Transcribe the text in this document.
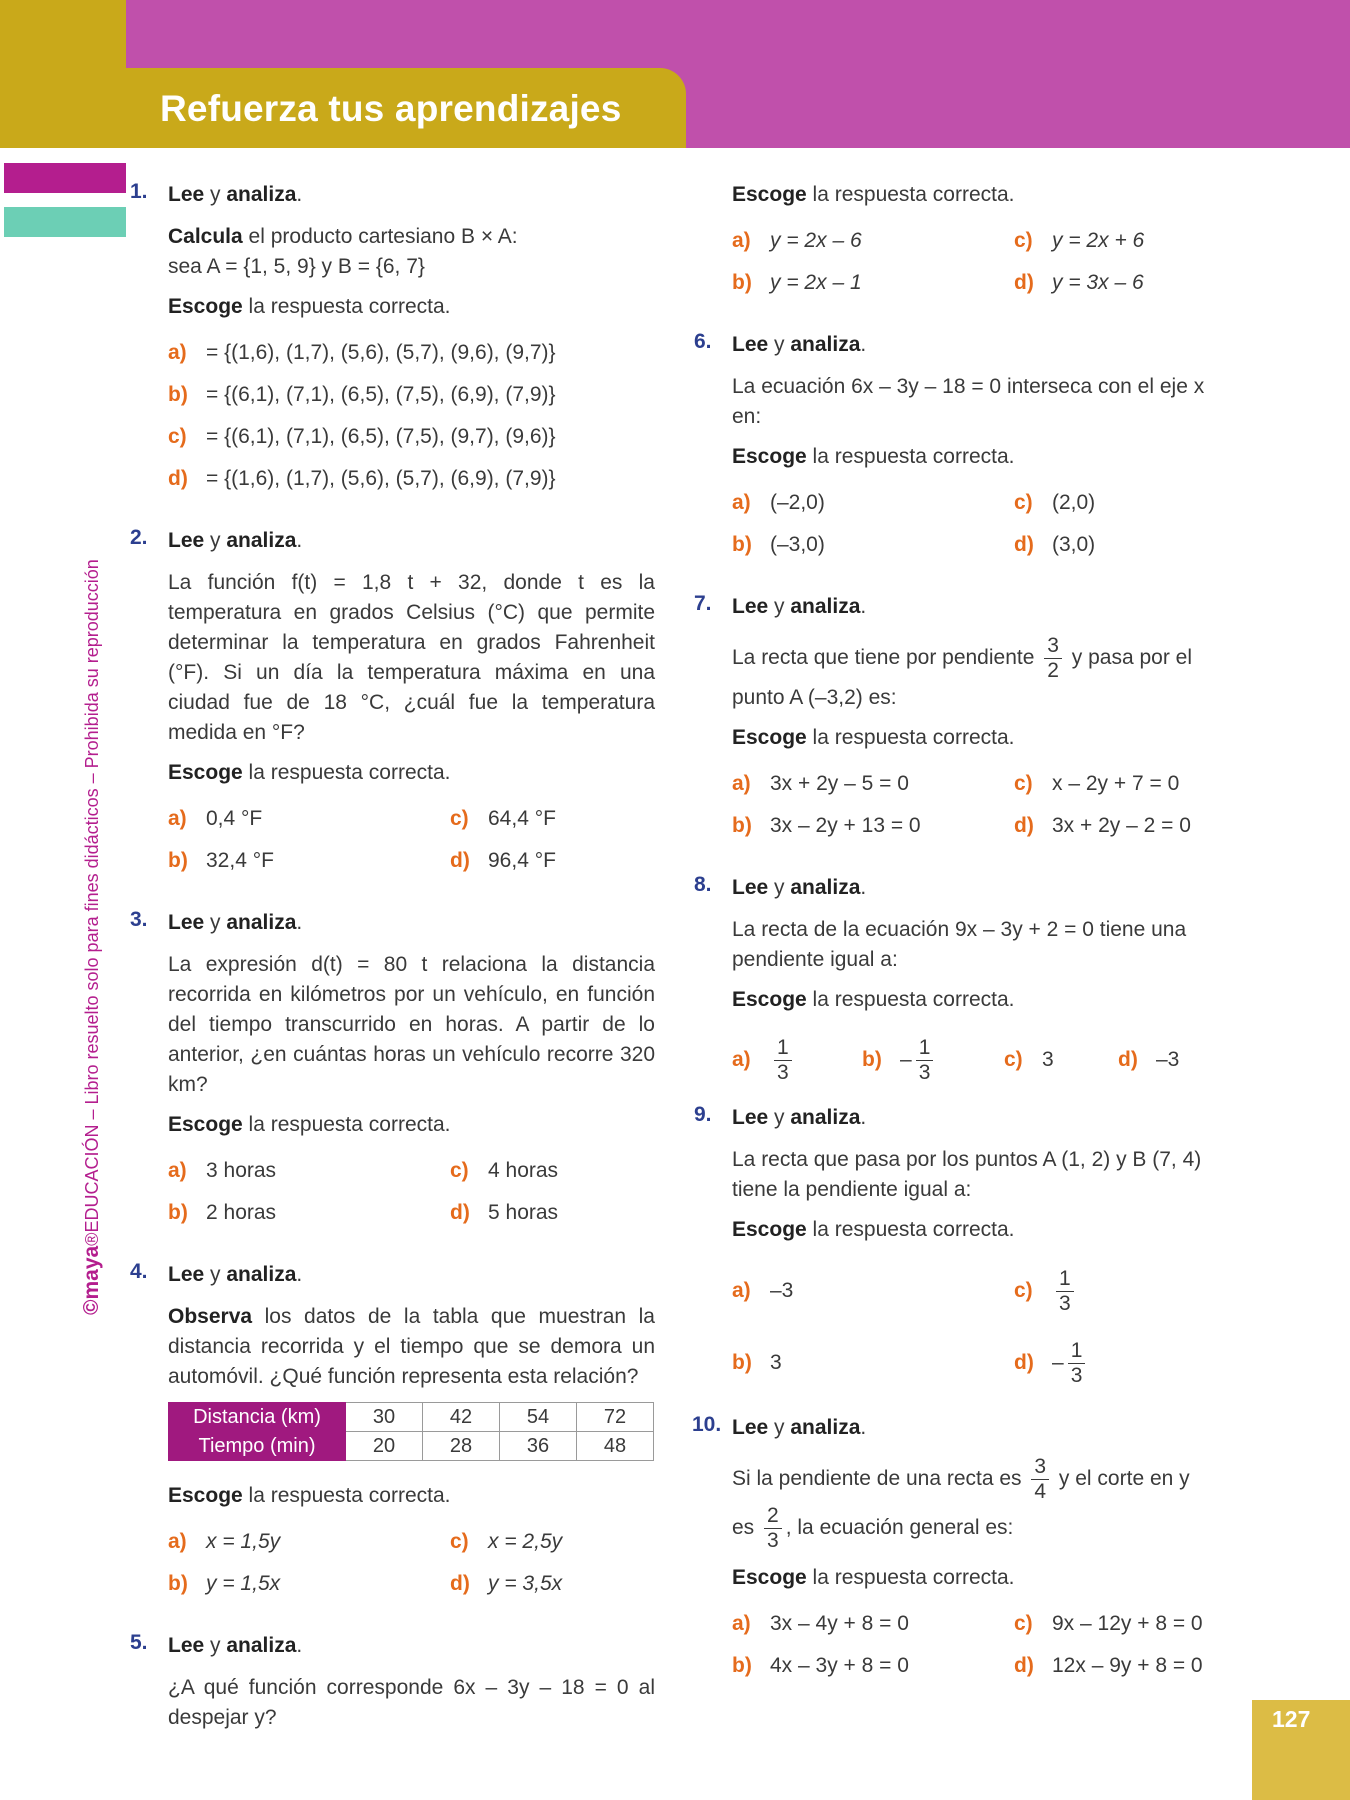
Refuerza tus aprendizajes
©maya®EDUCACIÓN – Libro resuelto solo para fines didácticos – Prohibida su reproducción
1. Lee y analiza.

Calcula el producto cartesiano B × A:
sea A = {1, 5, 9} y B = {6, 7}

Escoge la respuesta correcta.

a) = {(1,6), (1,7), (5,6), (5,7), (9,6), (9,7)}
b) = {(6,1), (7,1), (6,5), (7,5), (6,9), (7,9)}
c) = {(6,1), (7,1), (6,5), (7,5), (9,7), (9,6)}
d) = {(1,6), (1,7), (5,6), (5,7), (6,9), (7,9)}
2. Lee y analiza.

La función f(t) = 1,8 t + 32, donde t es la temperatura en grados Celsius (°C) que permite determinar la temperatura en grados Fahrenheit (°F). Si un día la temperatura máxima en una ciudad fue de 18 °C, ¿cuál fue la temperatura medida en °F?

Escoge la respuesta correcta.

a) 0,4 °F	c) 64,4 °F
b) 32,4 °F	d) 96,4 °F
3. Lee y analiza.

La expresión d(t) = 80 t relaciona la distancia recorrida en kilómetros por un vehículo, en función del tiempo transcurrido en horas. A partir de lo anterior, ¿en cuántas horas un vehículo recorre 320 km?

Escoge la respuesta correcta.

a) 3 horas	c) 4 horas
b) 2 horas	d) 5 horas
4. Lee y analiza.

Observa los datos de la tabla que muestran la distancia recorrida y el tiempo que se demora un automóvil. ¿Qué función representa esta relación?

Distancia (km)	30	42	54	72
Tiempo (min)	20	28	36	48

Escoge la respuesta correcta.

a) x = 1,5y	c) x = 2,5y
b) y = 1,5x	d) y = 3,5x
5. Lee y analiza.

¿A qué función corresponde 6x – 3y – 18 = 0 al despejar y?

Escoge la respuesta correcta.

a) y = 2x – 6	c) y = 2x + 6
b) y = 2x – 1	d) y = 3x – 6
6. Lee y analiza.

La ecuación 6x – 3y – 18 = 0 interseca con el eje x en:

Escoge la respuesta correcta.

a) (–2,0)	c) (2,0)
b) (–3,0)	d) (3,0)
7. Lee y analiza.

La recta que tiene por pendiente $\frac{3}{2}$ y pasa por el
punto A (–3,2) es:

Escoge la respuesta correcta.

a) 3x + 2y – 5 = 0	c) x – 2y + 7 = 0
b) 3x – 2y + 13 = 0	d) 3x + 2y – 2 = 0
8. Lee y analiza.

La recta de la ecuación 9x – 3y + 2 = 0 tiene una pendiente igual a:

Escoge la respuesta correcta.

a)	$\frac{1}{3}$	$b) - \frac{1}{3}$	c) 3	d) –3
9. Lee y analiza.

La recta que pasa por los puntos A (1, 2) y B (7, 4) tiene la pendiente igual a:

Escoge la respuesta correcta.

a) –3	c)	$\frac{1}{3}$
b) 3	$d) - \frac{1}{3}$
10. Lee y analiza.

Si la pendiente de una recta es $\frac{3}{4}$ y el corte en y
es $\frac{2}{3}$ , la ecuación general es:

Escoge la respuesta correcta.

a) 3x – 4y + 8 = 0	c) 9x – 12y + 8 = 0
b) 4x – 3y + 8 = 0	d) 12x – 9y + 8 = 0
127
